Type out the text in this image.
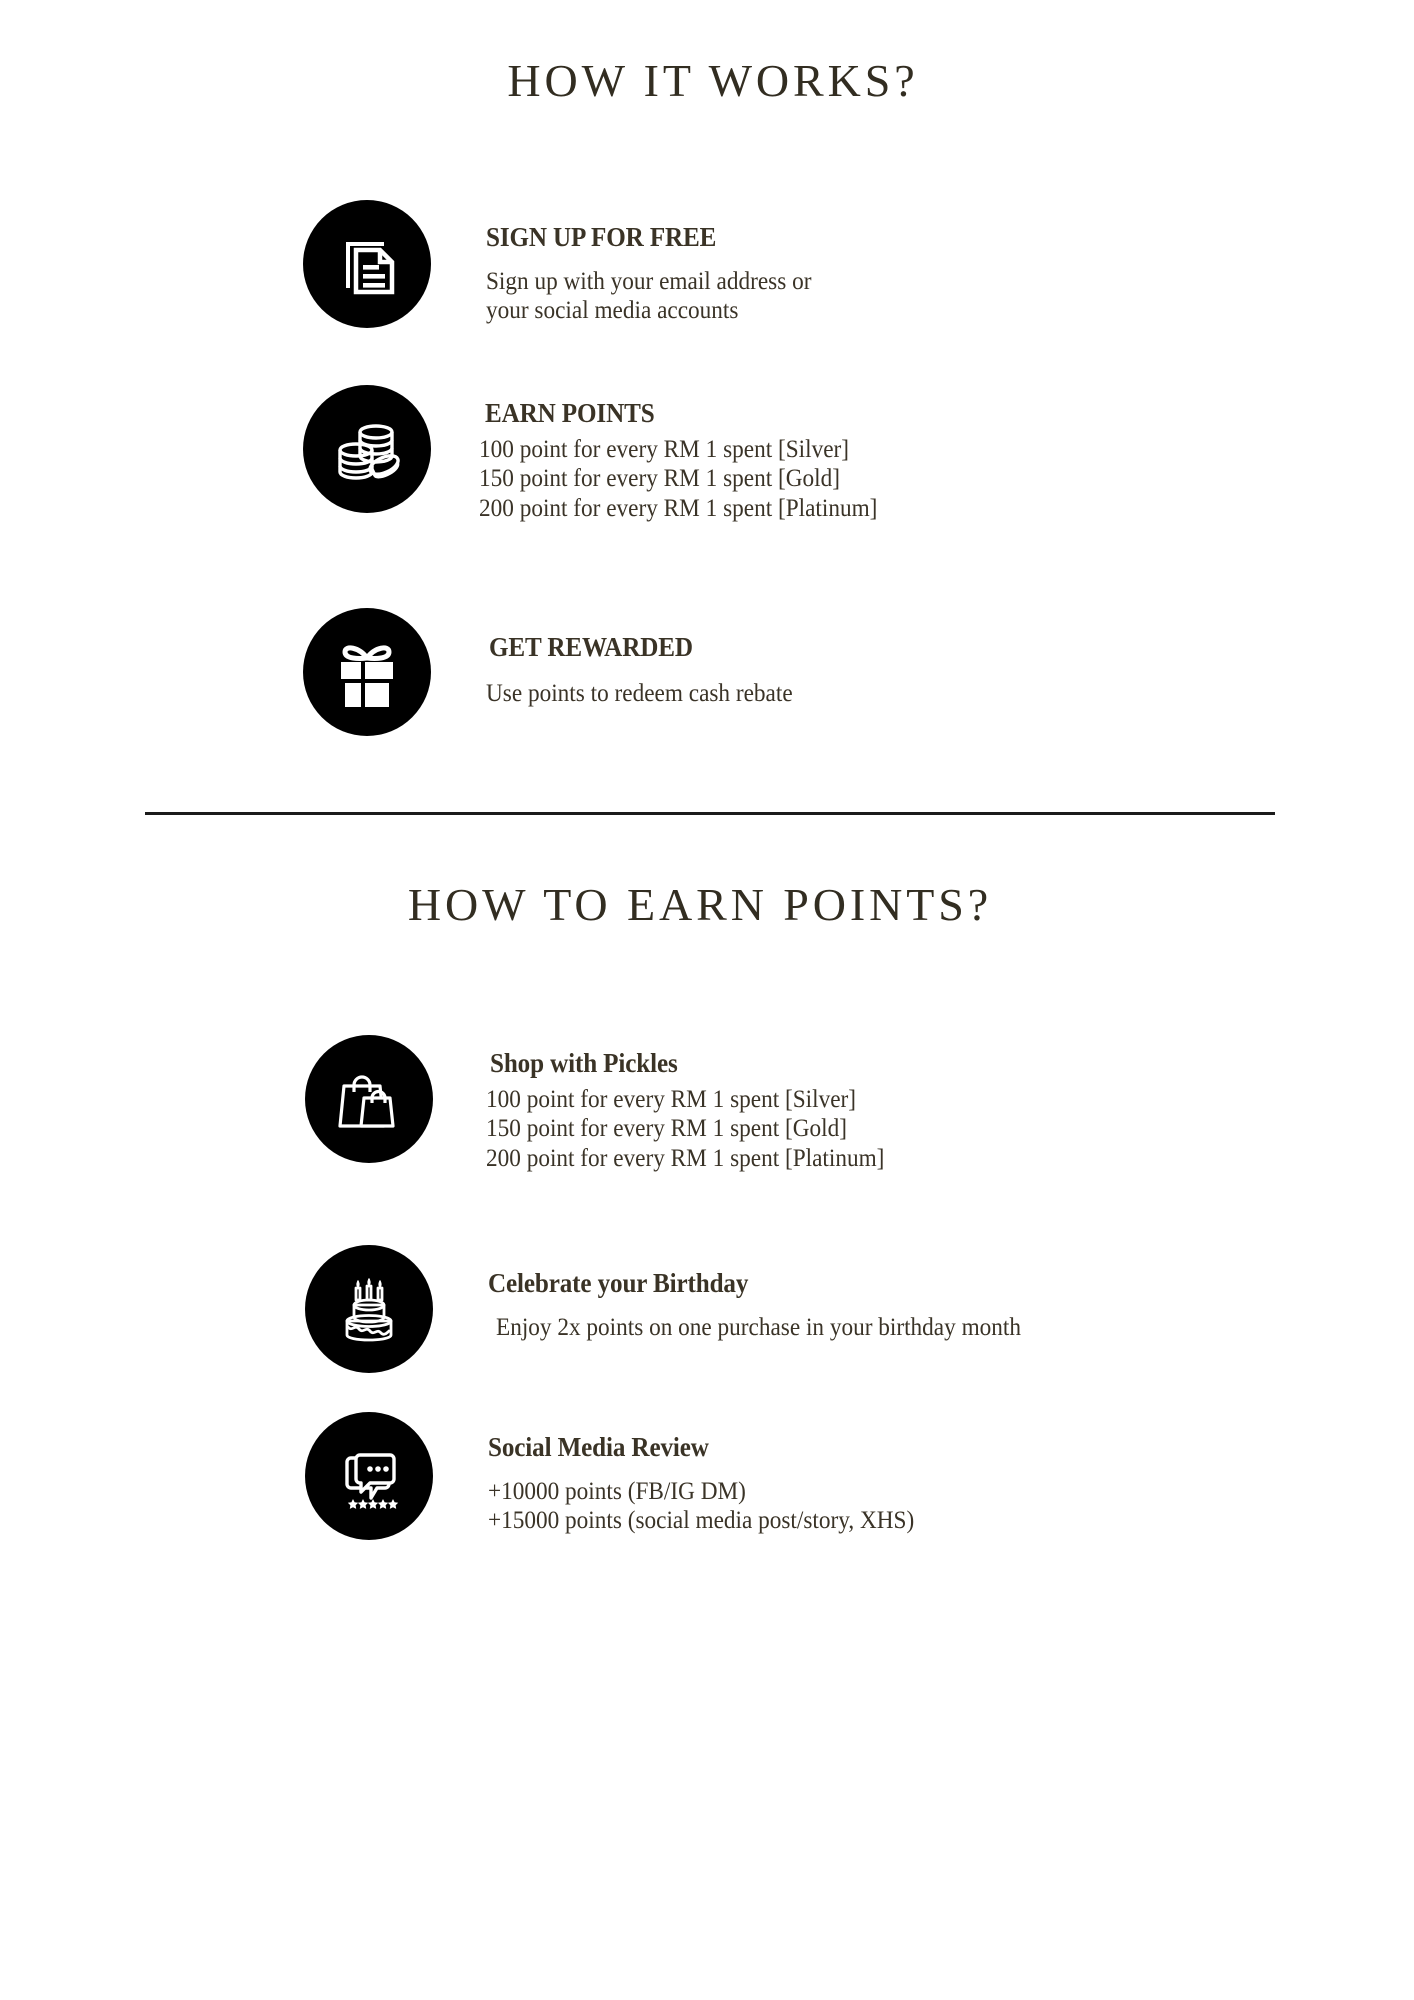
HOW IT WORKS?
SIGN UP FOR FREE
Sign up with your email address or
your social media accounts
EARN POINTS
100 point for every RM 1 spent [Silver]
150 point for every RM 1 spent [Gold]
200 point for every RM 1 spent [Platinum]
GET REWARDED
Use points to redeem cash rebate
HOW TO EARN POINTS?
Shop with Pickles
100 point for every RM 1 spent [Silver]
150 point for every RM 1 spent [Gold]
200 point for every RM 1 spent [Platinum]
Celebrate your Birthday
Enjoy 2x points on one purchase in your birthday month
Social Media Review
+10000 points (FB/IG DM)
+15000 points (social media post/story, XHS)
